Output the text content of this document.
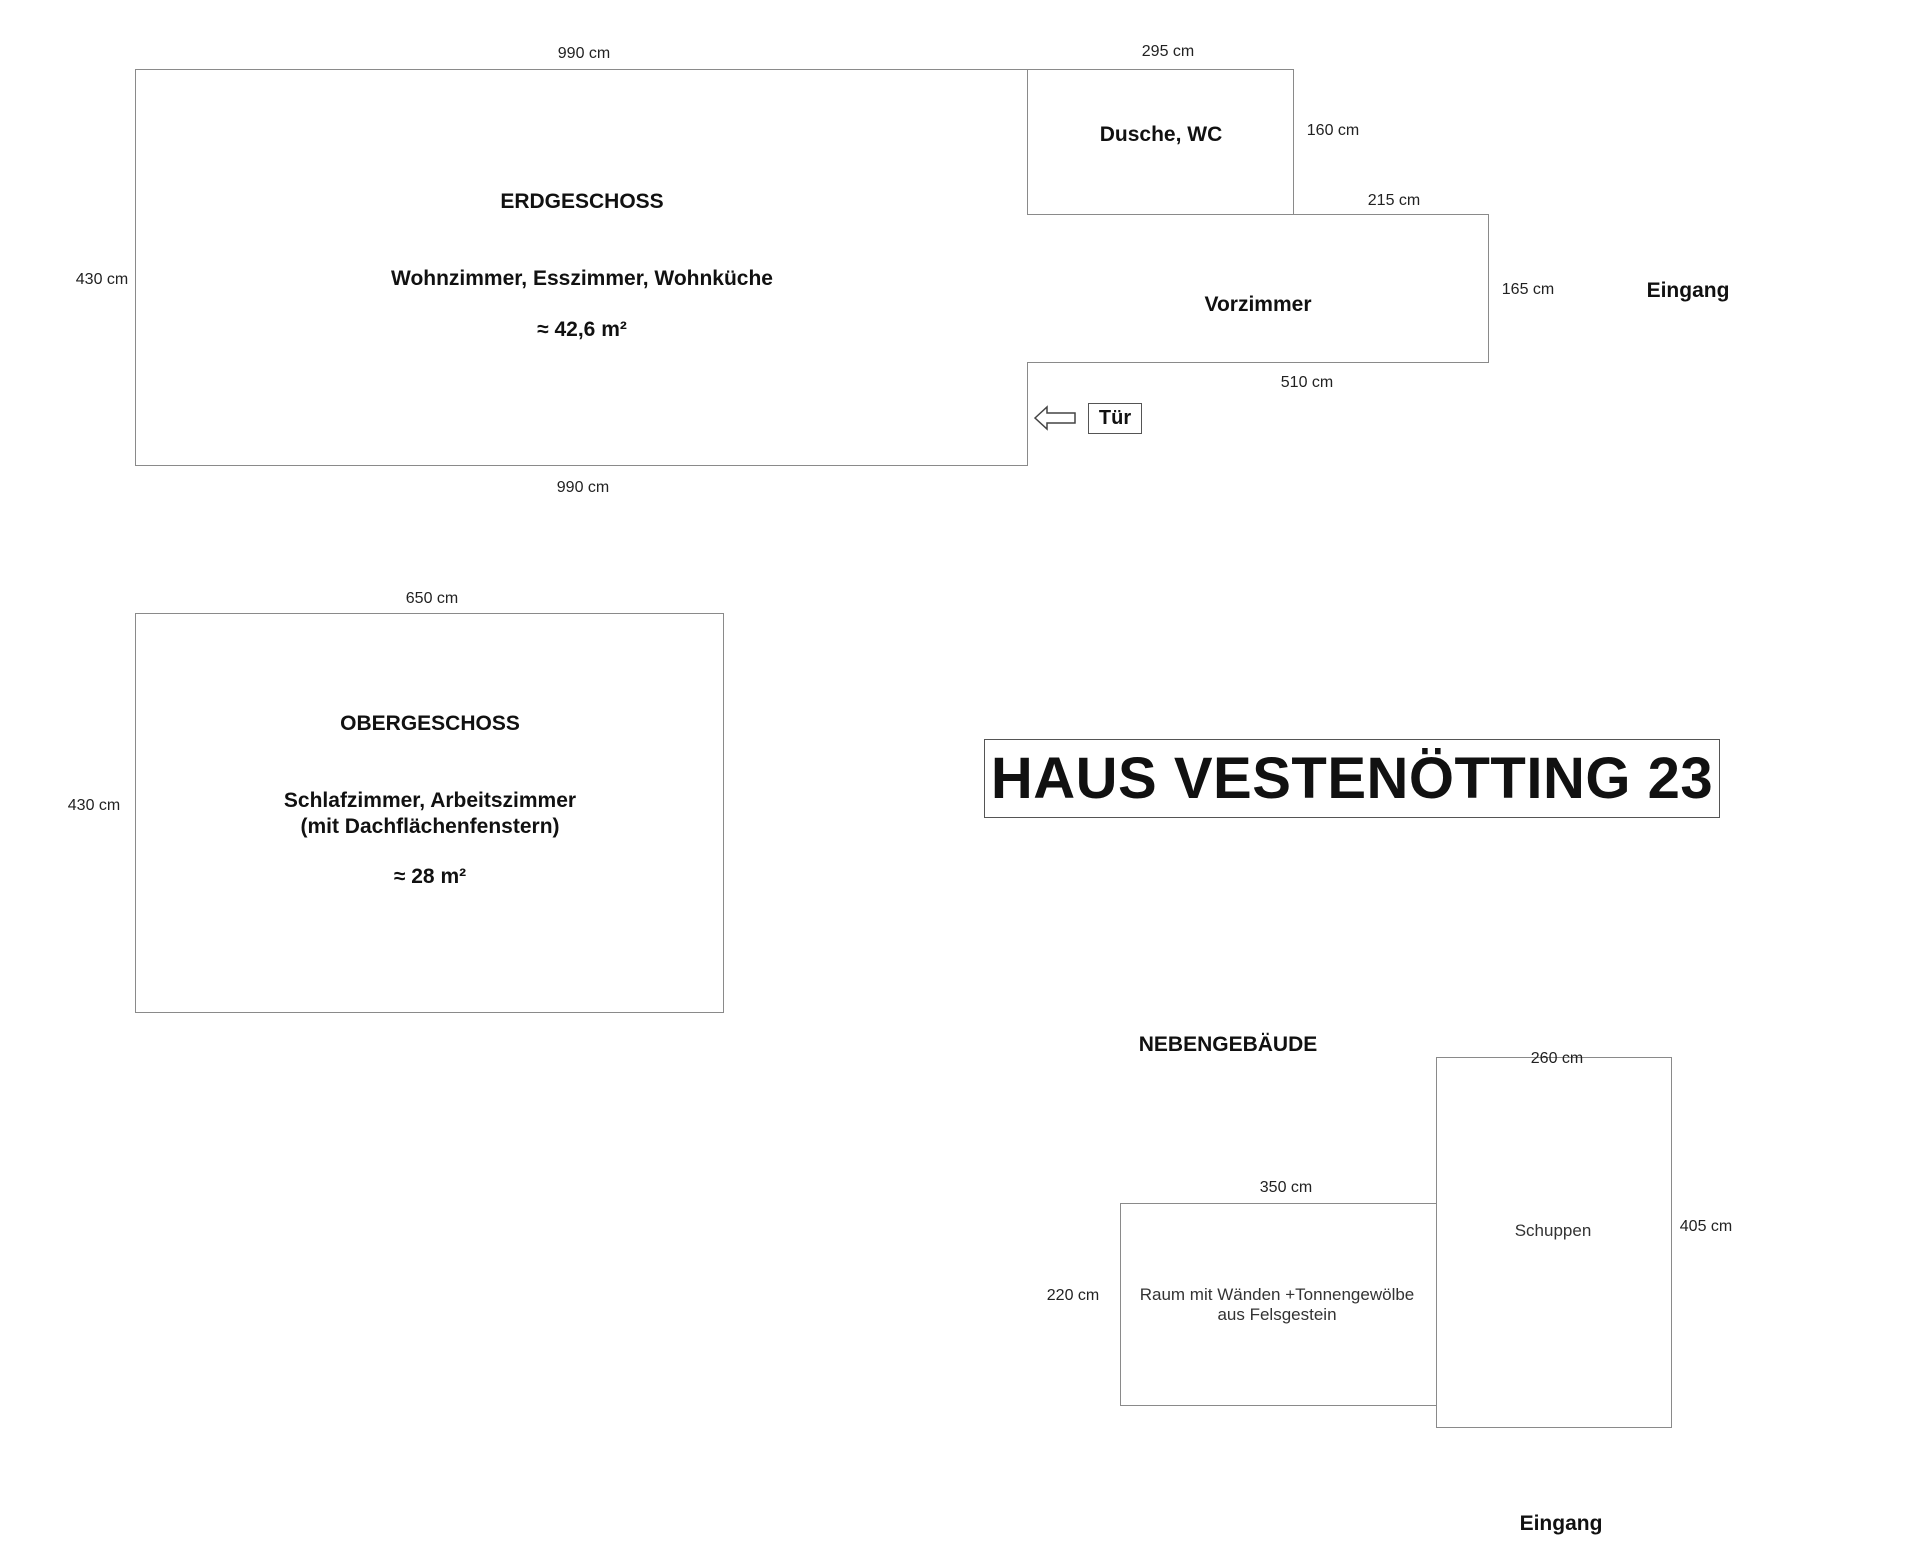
990 cm
990 cm
430 cm
ERDGESCHOSS
Wohnzimmer, Esszimmer, Wohnküche
≈ 42,6 m²
295 cm
160 cm
Dusche, WC
215 cm
165 cm
510 cm
Vorzimmer
Eingang
Tür
650 cm
430 cm
OBERGESCHOSS
Schlafzimmer, Arbeitszimmer
(mit Dachflächenfenstern)
≈ 28 m²
HAUS VESTENÖTTING 23
NEBENGEBÄUDE
350 cm
220 cm Raum mit Wänden +Tonnengewölbe
aus Felsgestein
260 cm
405 cm
Schuppen
Eingang
